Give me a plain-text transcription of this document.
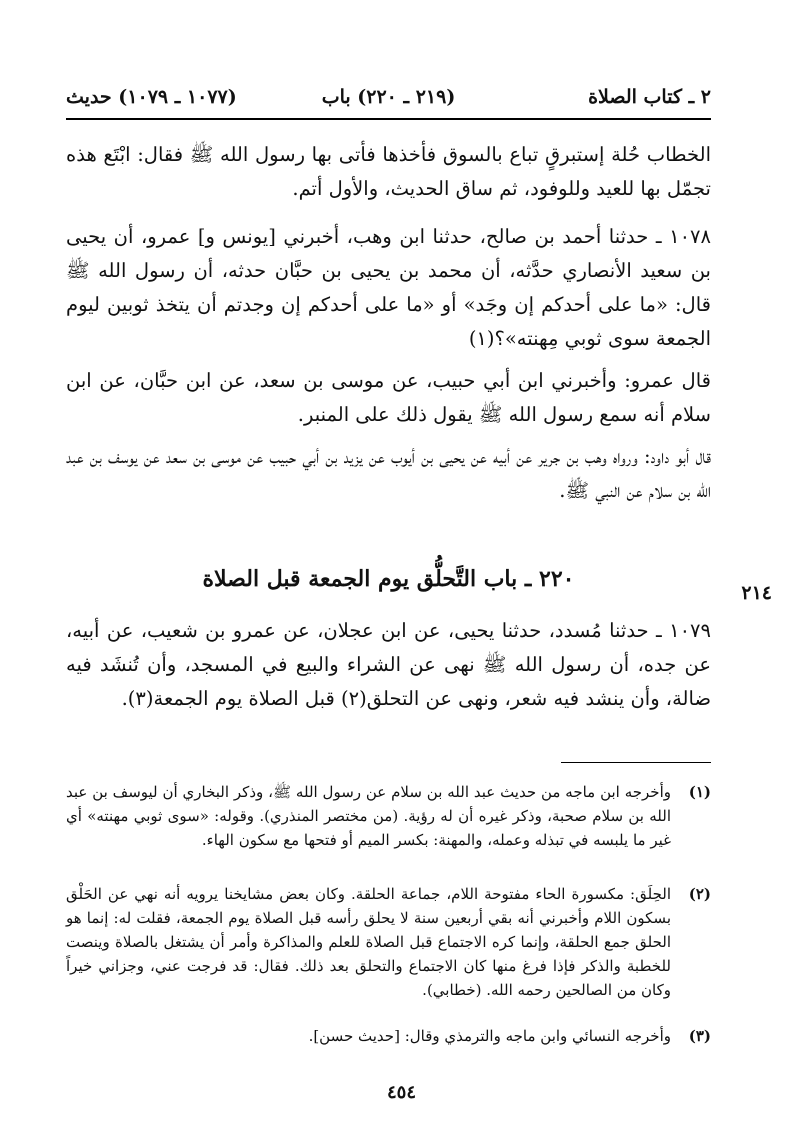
٢ ـ كتاب الصلاة
(٢١٩ ـ ٢٢٠) باب
(١٠٧٧ ـ ١٠٧٩) حديث

الخطاب حُلة إستبرقٍ تباع بالسوق فأخذها فأتى بها رسول الله ﷺ فقال: ابْتَع هذه تجمّل بها للعيد وللوفود، ثم ساق الحديث، والأول أتم.

١٠٧٨ ـ حدثنا أحمد بن صالح، حدثنا ابن وهب، أخبرني [يونس و] عمرو، أن يحيى بن سعيد الأنصاري حدَّثه، أن محمد بن يحيى بن حبَّان حدثه، أن رسول الله ﷺ قال: «ما على أحدكم إن وجَد» أو «ما على أحدكم إن وجدتم أن يتخذ ثوبين ليوم الجمعة سوى ثوبي مِهنته»؟(١)

قال عمرو: وأخبرني ابن أبي حبيب، عن موسى بن سعد، عن ابن حبَّان، عن ابن سلام أنه سمع رسول الله ﷺ يقول ذلك على المنبر.

قال أبو داود: ورواه وهب بن جرير عن أبيه عن يحيى بن أيوب عن يزيد بن أبي حبيب عن موسى بن سعد عن يوسف بن عبد الله بن سلام عن النبي ﷺ.

٢٢٠ ـ باب التَّحلُّق يوم الجمعة قبل الصلاة
٢١٤

١٠٧٩ ـ حدثنا مُسدد، حدثنا يحيى، عن ابن عجلان، عن عمرو بن شعيب، عن أبيه، عن جده، أن رسول الله ﷺ نهى عن الشراء والبيع في المسجد، وأن تُنشَد فيه ضالة، وأن ينشد فيه شعر، ونهى عن التحلق(٢) قبل الصلاة يوم الجمعة(٣).

(١)
وأخرجه ابن ماجه من حديث عبد الله بن سلام عن رسول الله ﷺ، وذكر البخاري أن ليوسف بن عبد الله بن سلام صحبة، وذكر غيره أن له رؤية. (من مختصر المنذري). وقوله: «سوى ثوبي مهنته» أي غير ما يلبسه في تبذله وعمله، والمهنة: بكسر الميم أو فتحها مع سكون الهاء.
(٢)
الحِلَق: مكسورة الحاء مفتوحة اللام، جماعة الحلقة. وكان بعض مشايخنا يرويه أنه نهي عن الحَلْق بسكون اللام وأخبرني أنه بقي أربعين سنة لا يحلق رأسه قبل الصلاة يوم الجمعة، فقلت له: إنما هو الحلق جمع الحلقة، وإنما كره الاجتماع قبل الصلاة للعلم والمذاكرة وأمر أن يشتغل بالصلاة وينصت للخطبة والذكر فإذا فرغ منها كان الاجتماع والتحلق بعد ذلك. فقال: قد فرجت عني، وجزاني خيراً وكان من الصالحين رحمه الله. (خطابي).
(٣)
وأخرجه النسائي وابن ماجه والترمذي وقال: [حديث حسن].
٤٥٤
